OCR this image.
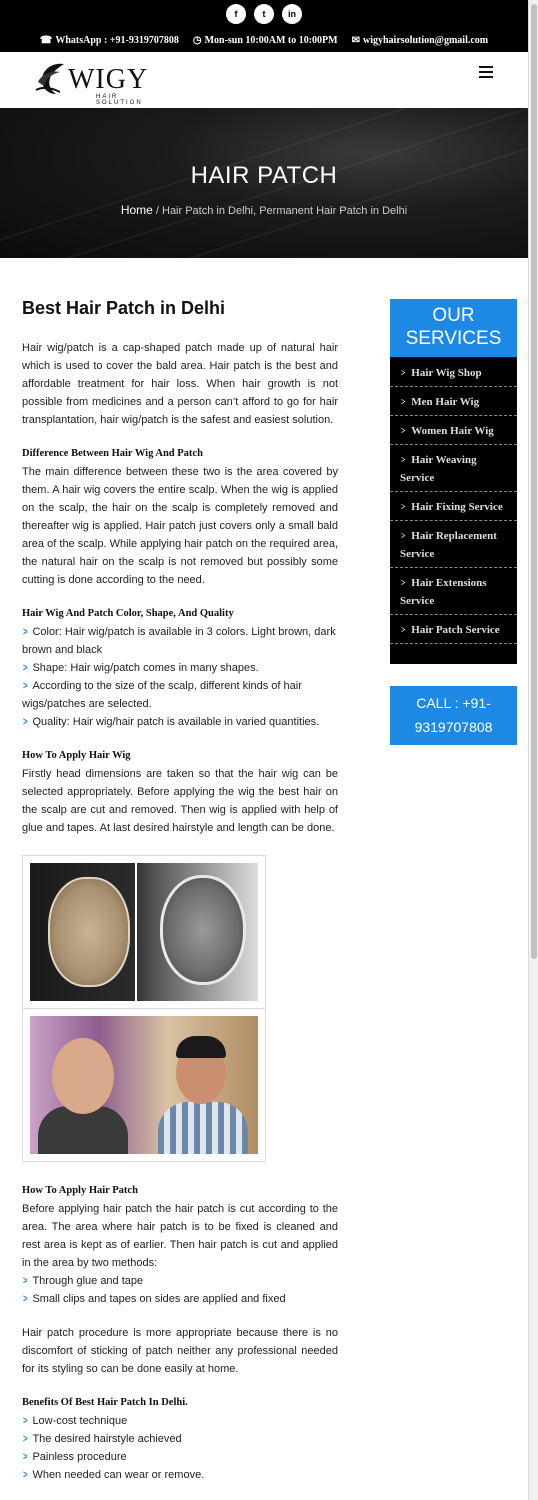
f	t	in
☎ WhatsApp : +91-9319707808 ◷ Mon-sun 10:00AM to 10:00PM ✉ wigyhairsolution@gmail.com
WIGY
HAIR SOLUTION
HAIR PATCH
Home / Hair Patch in Delhi, Permanent Hair Patch in Delhi
Best Hair Patch in Delhi

Hair wig/patch is a cap-shaped patch made up of natural hair which is used to cover the bald area. Hair patch is the best and affordable treatment for hair loss. When hair growth is not possible from medicines and a person can’t afford to go for hair transplantation, hair wig/patch is the safest and easiest solution.

Difference Between Hair Wig And Patch

The main difference between these two is the area covered by them. A hair wig covers the entire scalp. When the wig is applied on the scalp, the hair on the scalp is completely removed and thereafter wig is applied. Hair patch just covers only a small bald area of the scalp. While applying hair patch on the required area, the natural hair on the scalp is not removed but possibly some cutting is done according to the need.

Hair Wig And Patch Color, Shape, And Quality
> Color: Hair wig/patch is available in 3 colors. Light brown, dark brown and black
> Shape: Hair wig/patch comes in many shapes.
> According to the size of the scalp, different kinds of hair wigs/patches are selected.
> Quality: Hair wig/hair patch is available in varied quantities.
How To Apply Hair Wig

Firstly head dimensions are taken so that the hair wig can be selected appropriately. Before applying the wig the best hair on the scalp are cut and removed. Then wig is applied with help of glue and tapes. At last desired hairstyle and length can be done.

How To Apply Hair Patch

Before applying hair patch the hair patch is cut according to the area. The area where hair patch is to be fixed is cleaned and rest area is kept as of earlier. Then hair patch is cut and applied in the area by two methods:

> Through glue and tape
> Small clips and tapes on sides are applied and fixed

Hair patch procedure is more appropriate because there is no discomfort of sticking of patch neither any professional needed for its styling so can be done easily at home.

Benefits Of Best Hair Patch In Delhi.
> Low-cost technique
> The desired hairstyle achieved
> Painless procedure
> When needed can wear or remove.
OUR
SERVICES
> Hair Wig Shop
> Men Hair Wig
> Women Hair Wig
> Hair Weaving Service
> Hair Fixing Service
> Hair Replacement Service
> Hair Extensions Service
> Hair Patch Service
CALL : +91-
9319707808
